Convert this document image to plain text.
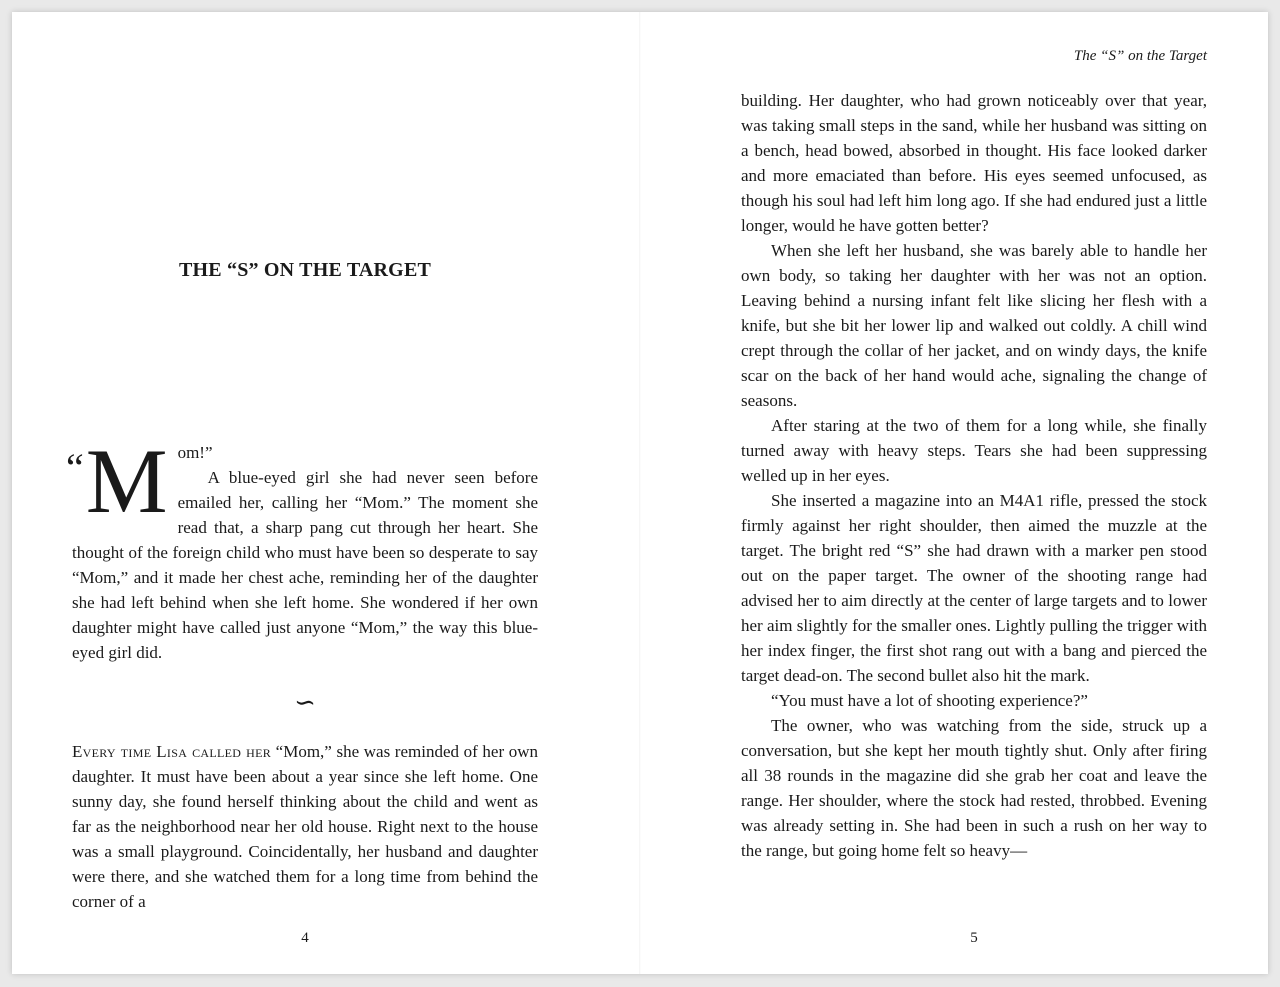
THE “S” ON THE TARGET
“ M om!”

A blue-eyed girl she had never seen before emailed her, calling her “Mom.” The moment she read that, a sharp pang cut through her heart. She thought of the foreign child who must have been so desperate to say “Mom,” and it made her chest ache, reminding her of the daughter she had left behind when she left home. She wondered if her own daughter might have called just anyone “Mom,” the way this blue-eyed girl did.

∽

Every time Lisa called her “Mom,” she was reminded of her own daughter. It must have been about a year since she left home. One sunny day, she found herself thinking about the child and went as far as the neighborhood near her old house. Right next to the house was a small playground. Coincidentally, her husband and daughter were there, and she watched them for a long time from behind the corner of a

4

The “S” on the Target

building. Her daughter, who had grown noticeably over that year, was taking small steps in the sand, while her husband was sitting on a bench, head bowed, absorbed in thought. His face looked darker and more emaciated than before. His eyes seemed unfocused, as though his soul had left him long ago. If she had endured just a little longer, would he have gotten better?

When she left her husband, she was barely able to handle her own body, so taking her daughter with her was not an option. Leaving behind a nursing infant felt like slicing her flesh with a knife, but she bit her lower lip and walked out coldly. A chill wind crept through the collar of her jacket, and on windy days, the knife scar on the back of her hand would ache, signaling the change of seasons.

After staring at the two of them for a long while, she finally turned away with heavy steps. Tears she had been suppressing welled up in her eyes.

She inserted a magazine into an M4A1 rifle, pressed the stock firmly against her right shoulder, then aimed the muzzle at the target. The bright red “S” she had drawn with a marker pen stood out on the paper target. The owner of the shooting range had advised her to aim directly at the center of large targets and to lower her aim slightly for the smaller ones. Lightly pulling the trigger with her index finger, the first shot rang out with a bang and pierced the target dead-on. The second bullet also hit the mark.

“You must have a lot of shooting experience?”

The owner, who was watching from the side, struck up a conversation, but she kept her mouth tightly shut. Only after firing all 38 rounds in the magazine did she grab her coat and leave the range. Her shoulder, where the stock had rested, throbbed. Evening was already setting in. She had been in such a rush on her way to the range, but going home felt so heavy—

5
